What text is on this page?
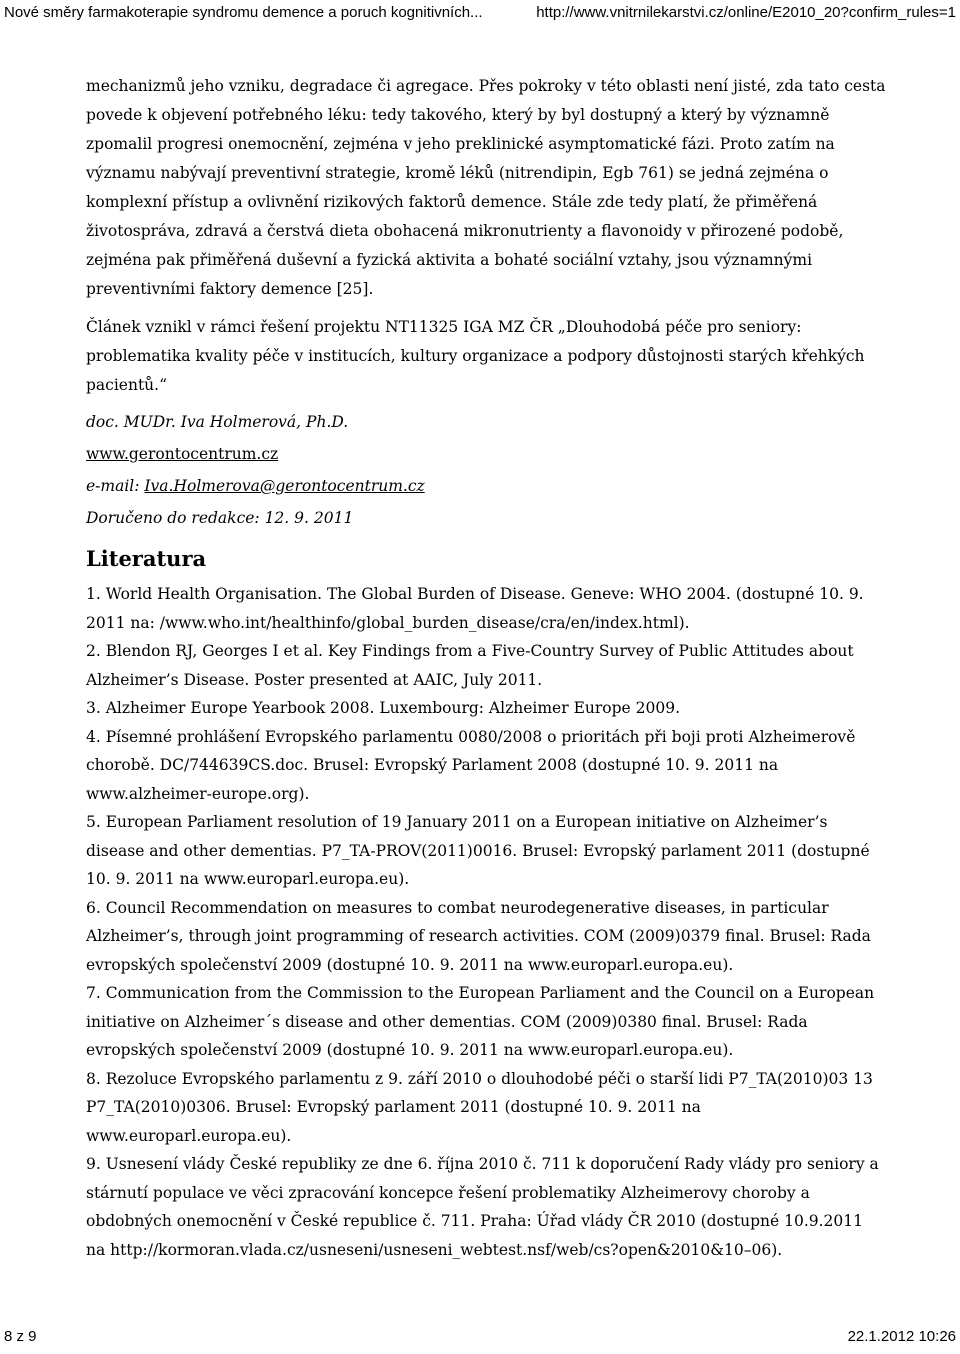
Nové směry farmakoterapie syndromu demence a poruch kognitivních...	http://www.vnitrnilekarstvi.cz/online/E2010_20?confirm_rules=1

mechanizmů jeho vzniku, degradace či agregace. Přes pokroky v této oblasti není jisté, zda tato cesta povede k objevení potřebného léku: tedy takového, který by byl dostupný a který by významně zpomalil progresi onemocnění, zejména v jeho preklinické asymptomatické fázi. Proto zatím na významu nabývají preventivní strategie, kromě léků (nitrendipin, Egb 761) se jedná zejména o komplexní přístup a ovlivnění rizikových faktorů demence. Stále zde tedy platí, že přiměřená životospráva, zdravá a čerstvá dieta obohacená mikronutrienty a flavonoidy v přirozené podobě, zejména pak přiměřená duševní a fyzická aktivita a bohaté sociální vztahy, jsou významnými preventivními faktory demence [25].

Článek vznikl v rámci řešení projektu NT11325 IGA MZ ČR „Dlouhodobá péče pro seniory: problematika kvality péče v institucích, kultury organizace a podpory důstojnosti starých křehkých pacientů.“

doc. MUDr. Iva Holmerová, Ph.D.

www.gerontocentrum.cz

e-mail: Iva.Holmerova@gerontocentrum.cz

Doručeno do redakce: 12. 9. 2011

Literatura
1. World Health Organisation. The Global Burden of Disease. Geneve: WHO 2004. (dostupné 10. 9. 2011 na: /www.who.int/healthinfo/global_burden_disease/cra/en/index.html).
2. Blendon RJ, Georges I et al. Key Findings from a Five-Country Survey of Public Attitudes about Alzheimer’s Disease. Poster presented at AAIC, July 2011.
3. Alzheimer Europe Yearbook 2008. Luxembourg: Alzheimer Europe 2009.
4. Písemné prohlášení Evropského parlamentu 0080/2008 o prioritách při boji proti Alzheimerově chorobě. DC/744639CS.doc. Brusel: Evropský Parlament 2008 (dostupné 10. 9. 2011 na www.alzheimer-europe.org).
5. European Parliament resolution of 19 January 2011 on a European initiative on Alzheimer’s disease and other dementias. P7_TA-PROV(2011)0016. Brusel: Evropský parlament 2011 (dostupné 10. 9. 2011 na www.europarl.europa.eu).
6. Council Recommendation on measures to combat neurodegenerative diseases, in particular Alzheimer’s, through joint programming of research activities. COM (2009)0379 final. Brusel: Rada evropských společenství 2009 (dostupné 10. 9. 2011 na www.europarl.europa.eu).
7. Communication from the Commission to the European Parliament and the Council on a European initiative on Alzheimer´s disease and other dementias. COM (2009)0380 final. Brusel: Rada evropských společenství 2009 (dostupné 10. 9. 2011 na www.europarl.europa.eu).
8. Rezoluce Evropského parlamentu z 9. září 2010 o dlouhodobé péči o starší lidi P7_TA(2010)03 13 P7_TA(2010)0306. Brusel: Evropský parlament 2011 (dostupné 10. 9. 2011 na www.europarl.europa.eu).
9. Usnesení vlády České republiky ze dne 6. října 2010 č. 711 k doporučení Rady vlády pro seniory a stárnutí populace ve věci zpracování koncepce řešení problematiky Alzheimerovy choroby a obdobných onemocnění v České republice č. 711. Praha: Úřad vlády ČR 2010 (dostupné 10.9.2011 na http://kormoran.vlada.cz/usneseni/usneseni_webtest.nsf/web/cs?open&2010&10–06).
8 z 9	22.1.2012 10:26
